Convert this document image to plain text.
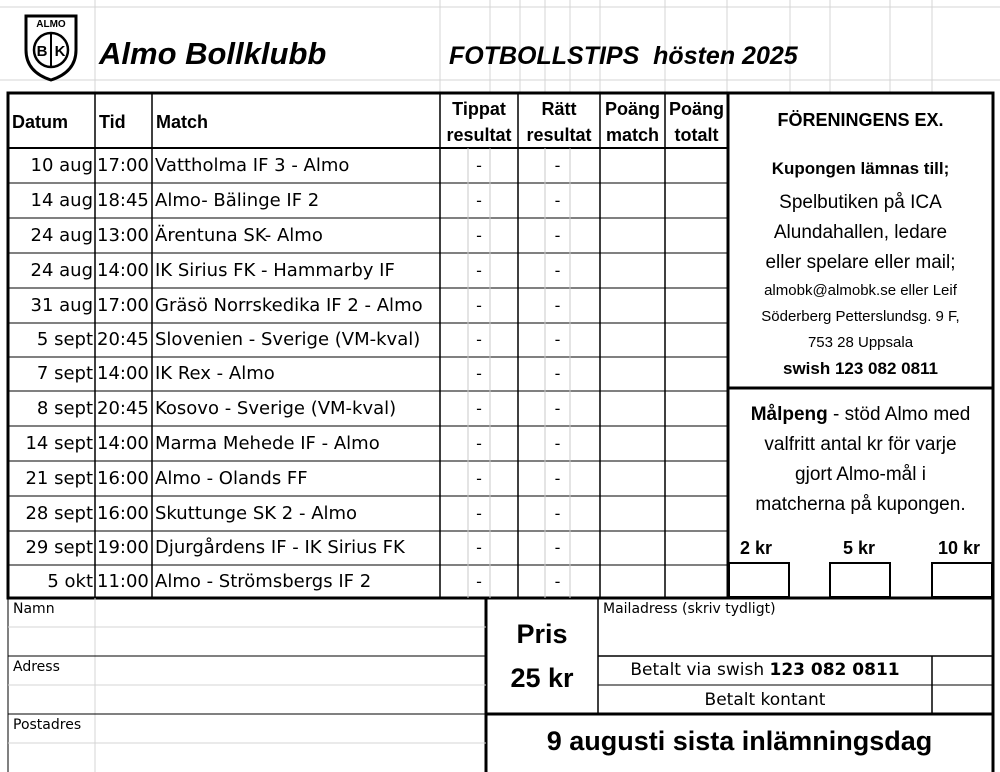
ALMO
B K Almo Bollklubb	FOTBOLLSTIPS  hösten 2025
Datum Tid Match
Tippat
resultat
Rätt
resultat
Poäng
match
Poäng
totalt
FÖRENINGENS EX.
10 aug 17:00 Vattholma IF 3 - Almo	-	-
14 aug 18:45 Almo- Bälinge IF 2	-	-
24 aug 13:00 Ärentuna SK- Almo	-	-
24 aug 14:00 IK Sirius FK - Hammarby IF	-	-
31 aug 17:00 Gräsö Norrskedika IF 2 - Almo	-	-
5 sept 20:45 Slovenien - Sverige (VM-kval)	-	-
7 sept 14:00 IK Rex - Almo	-	-
8 sept 20:45 Kosovo - Sverige (VM-kval)	-	-
14 sept 14:00 Marma Mehede IF - Almo	-	-
21 sept 16:00 Almo - Olands FF	-	-
28 sept 16:00 Skuttunge SK 2 - Almo	-	-
29 sept 19:00 Djurgårdens IF - IK Sirius FK	-	-
5 okt 11:00 Almo - Strömsbergs IF 2	-	-
Kupongen lämnas till;
Spelbutiken på ICA
Alundahallen, ledare
eller spelare eller mail;
almobk@almobk.se eller Leif
Söderberg Petterslundsg. 9 F,
753 28 Uppsala
swish 123 082 0811
Målpeng - stöd Almo med
valfritt antal kr för varje
gjort Almo-mål i
matcherna på kupongen.
2 kr	5 kr	10 kr
Namn
Adress
Postadres
Pris
25 kr
Mailadress (skriv tydligt)
Betalt via swish 123 082 0811
Betalt kontant
9 augusti sista inlämningsdag
